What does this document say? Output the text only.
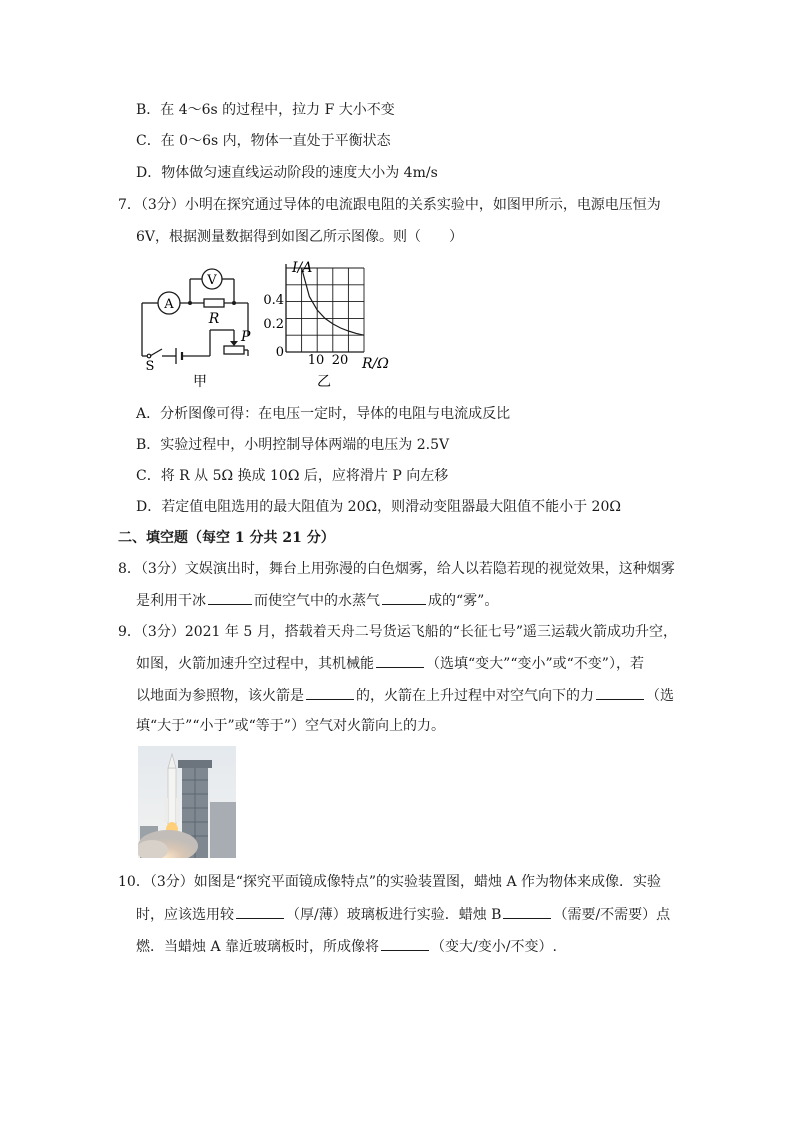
B．在 4～6s 的过程中，拉力 F 大小不变
C．在 0～6s 内，物体一直处于平衡状态
D．物体做匀速直线运动阶段的速度大小为 4m/s
7．（3分）小明在探究通过导体的电流跟电阻的关系实验中，如图甲所示，电源电压恒为
6V，根据测量数据得到如图乙所示图像。则（　　）
A
V
R
P
S
甲
I/A
R/Ω
0.4
0.2
0
10 20
乙
A．分析图像可得：在电压一定时，导体的电阻与电流成反比
B．实验过程中，小明控制导体两端的电压为 2.5V
C．将 R 从 5Ω 换成 10Ω 后，应将滑片 P 向左移
D．若定值电阻选用的最大阻值为 20Ω，则滑动变阻器最大阻值不能小于 20Ω
二、填空题（每空 1 分共 21 分）
8．（3分）文娱演出时，舞台上用弥漫的白色烟雾，给人以若隐若现的视觉效果，这种烟雾
是利用干冰	而使空气中的水蒸气	成的“雾”。
9．（3分）2021 年 5 月，搭载着天舟二号货运飞船的“长征七号”遥三运载火箭成功升空，
如图，火箭加速升空过程中，其机械能	（选填“变大”“变小”或“不变”），若
以地面为参照物，该火箭是	的，火箭在上升过程中对空气向下的力	（选
填“大于”“小于”或“等于”）空气对火箭向上的力。
10．（3分）如图是“探究平面镜成像特点”的实验装置图，蜡烛 A 作为物体来成像．实验
时，应该选用较	（厚/薄）玻璃板进行实验．蜡烛 B	（需要/不需要）点
燃．当蜡烛 A 靠近玻璃板时，所成像将	（变大/变小/不变）.
